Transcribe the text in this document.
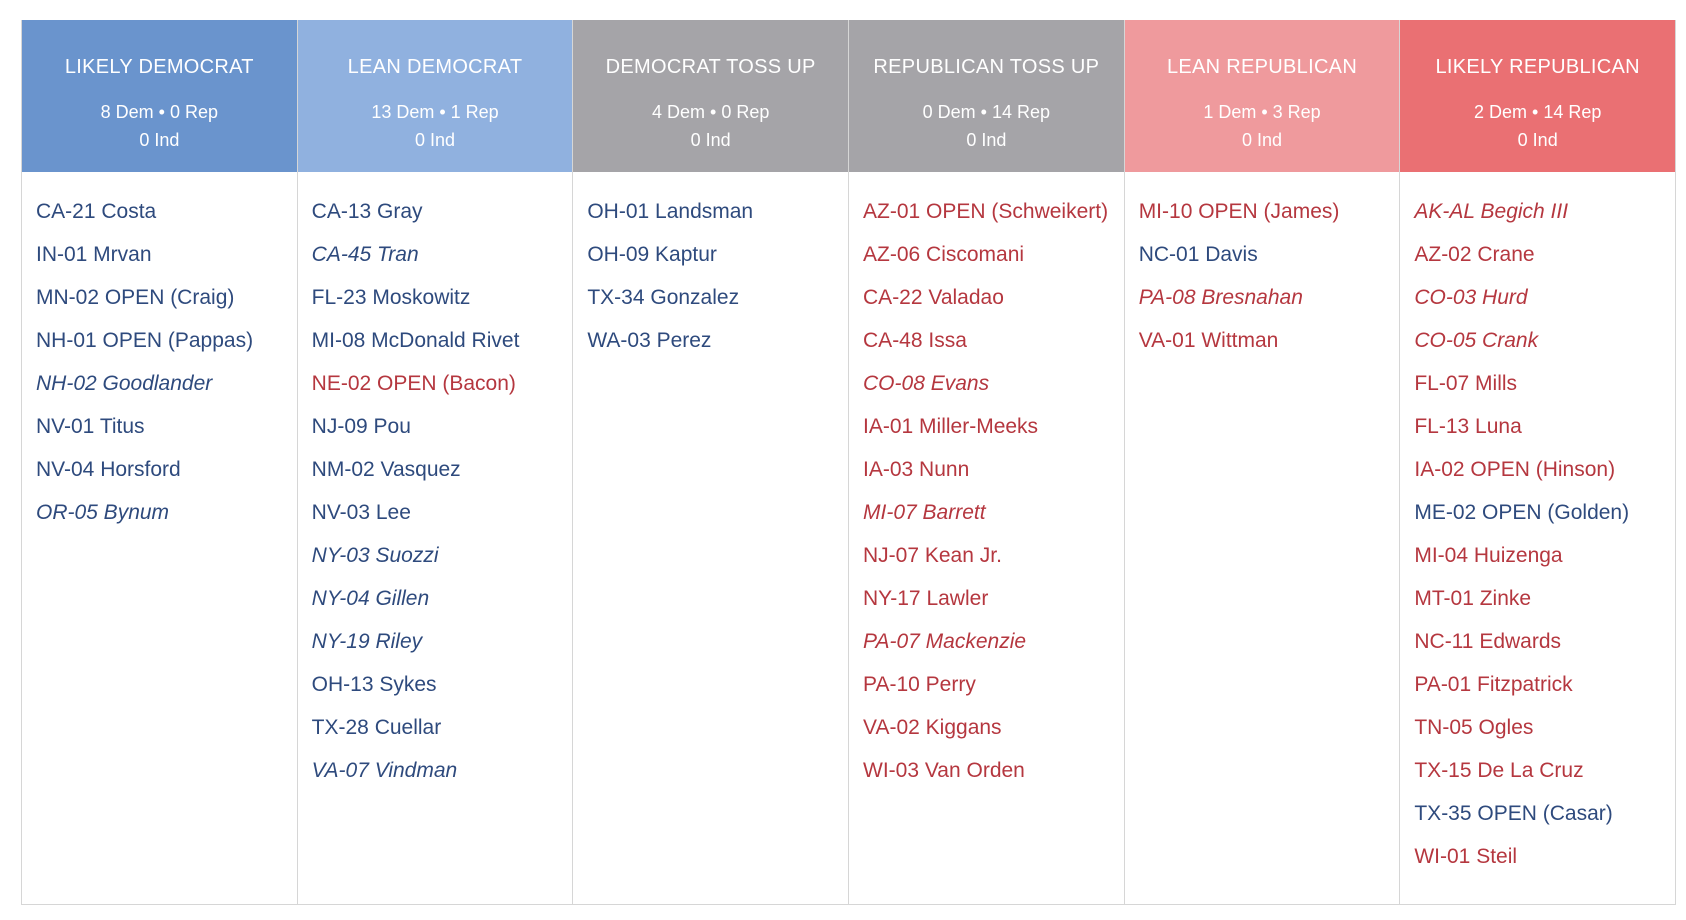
LIKELY DEMOCRAT
8 Dem • 0 Rep
0 Ind
CA-21 Costa
IN-01 Mrvan
MN-02 OPEN (Craig)
NH-01 OPEN (Pappas)
NH-02 Goodlander
NV-01 Titus
NV-04 Horsford
OR-05 Bynum
LEAN DEMOCRAT
13 Dem • 1 Rep
0 Ind
CA-13 Gray
CA-45 Tran
FL-23 Moskowitz
MI-08 McDonald Rivet
NE-02 OPEN (Bacon)
NJ-09 Pou
NM-02 Vasquez
NV-03 Lee
NY-03 Suozzi
NY-04 Gillen
NY-19 Riley
OH-13 Sykes
TX-28 Cuellar
VA-07 Vindman
DEMOCRAT TOSS UP
4 Dem • 0 Rep
0 Ind
OH-01 Landsman
OH-09 Kaptur
TX-34 Gonzalez
WA-03 Perez
REPUBLICAN TOSS UP
0 Dem • 14 Rep
0 Ind
AZ-01 OPEN (Schweikert)
AZ-06 Ciscomani
CA-22 Valadao
CA-48 Issa
CO-08 Evans
IA-01 Miller-Meeks
IA-03 Nunn
MI-07 Barrett
NJ-07 Kean Jr.
NY-17 Lawler
PA-07 Mackenzie
PA-10 Perry
VA-02 Kiggans
WI-03 Van Orden
LEAN REPUBLICAN
1 Dem • 3 Rep
0 Ind
MI-10 OPEN (James)
NC-01 Davis
PA-08 Bresnahan
VA-01 Wittman
LIKELY REPUBLICAN
2 Dem • 14 Rep
0 Ind
AK-AL Begich III
AZ-02 Crane
CO-03 Hurd
CO-05 Crank
FL-07 Mills
FL-13 Luna
IA-02 OPEN (Hinson)
ME-02 OPEN (Golden)
MI-04 Huizenga
MT-01 Zinke
NC-11 Edwards
PA-01 Fitzpatrick
TN-05 Ogles
TX-15 De La Cruz
TX-35 OPEN (Casar)
WI-01 Steil
